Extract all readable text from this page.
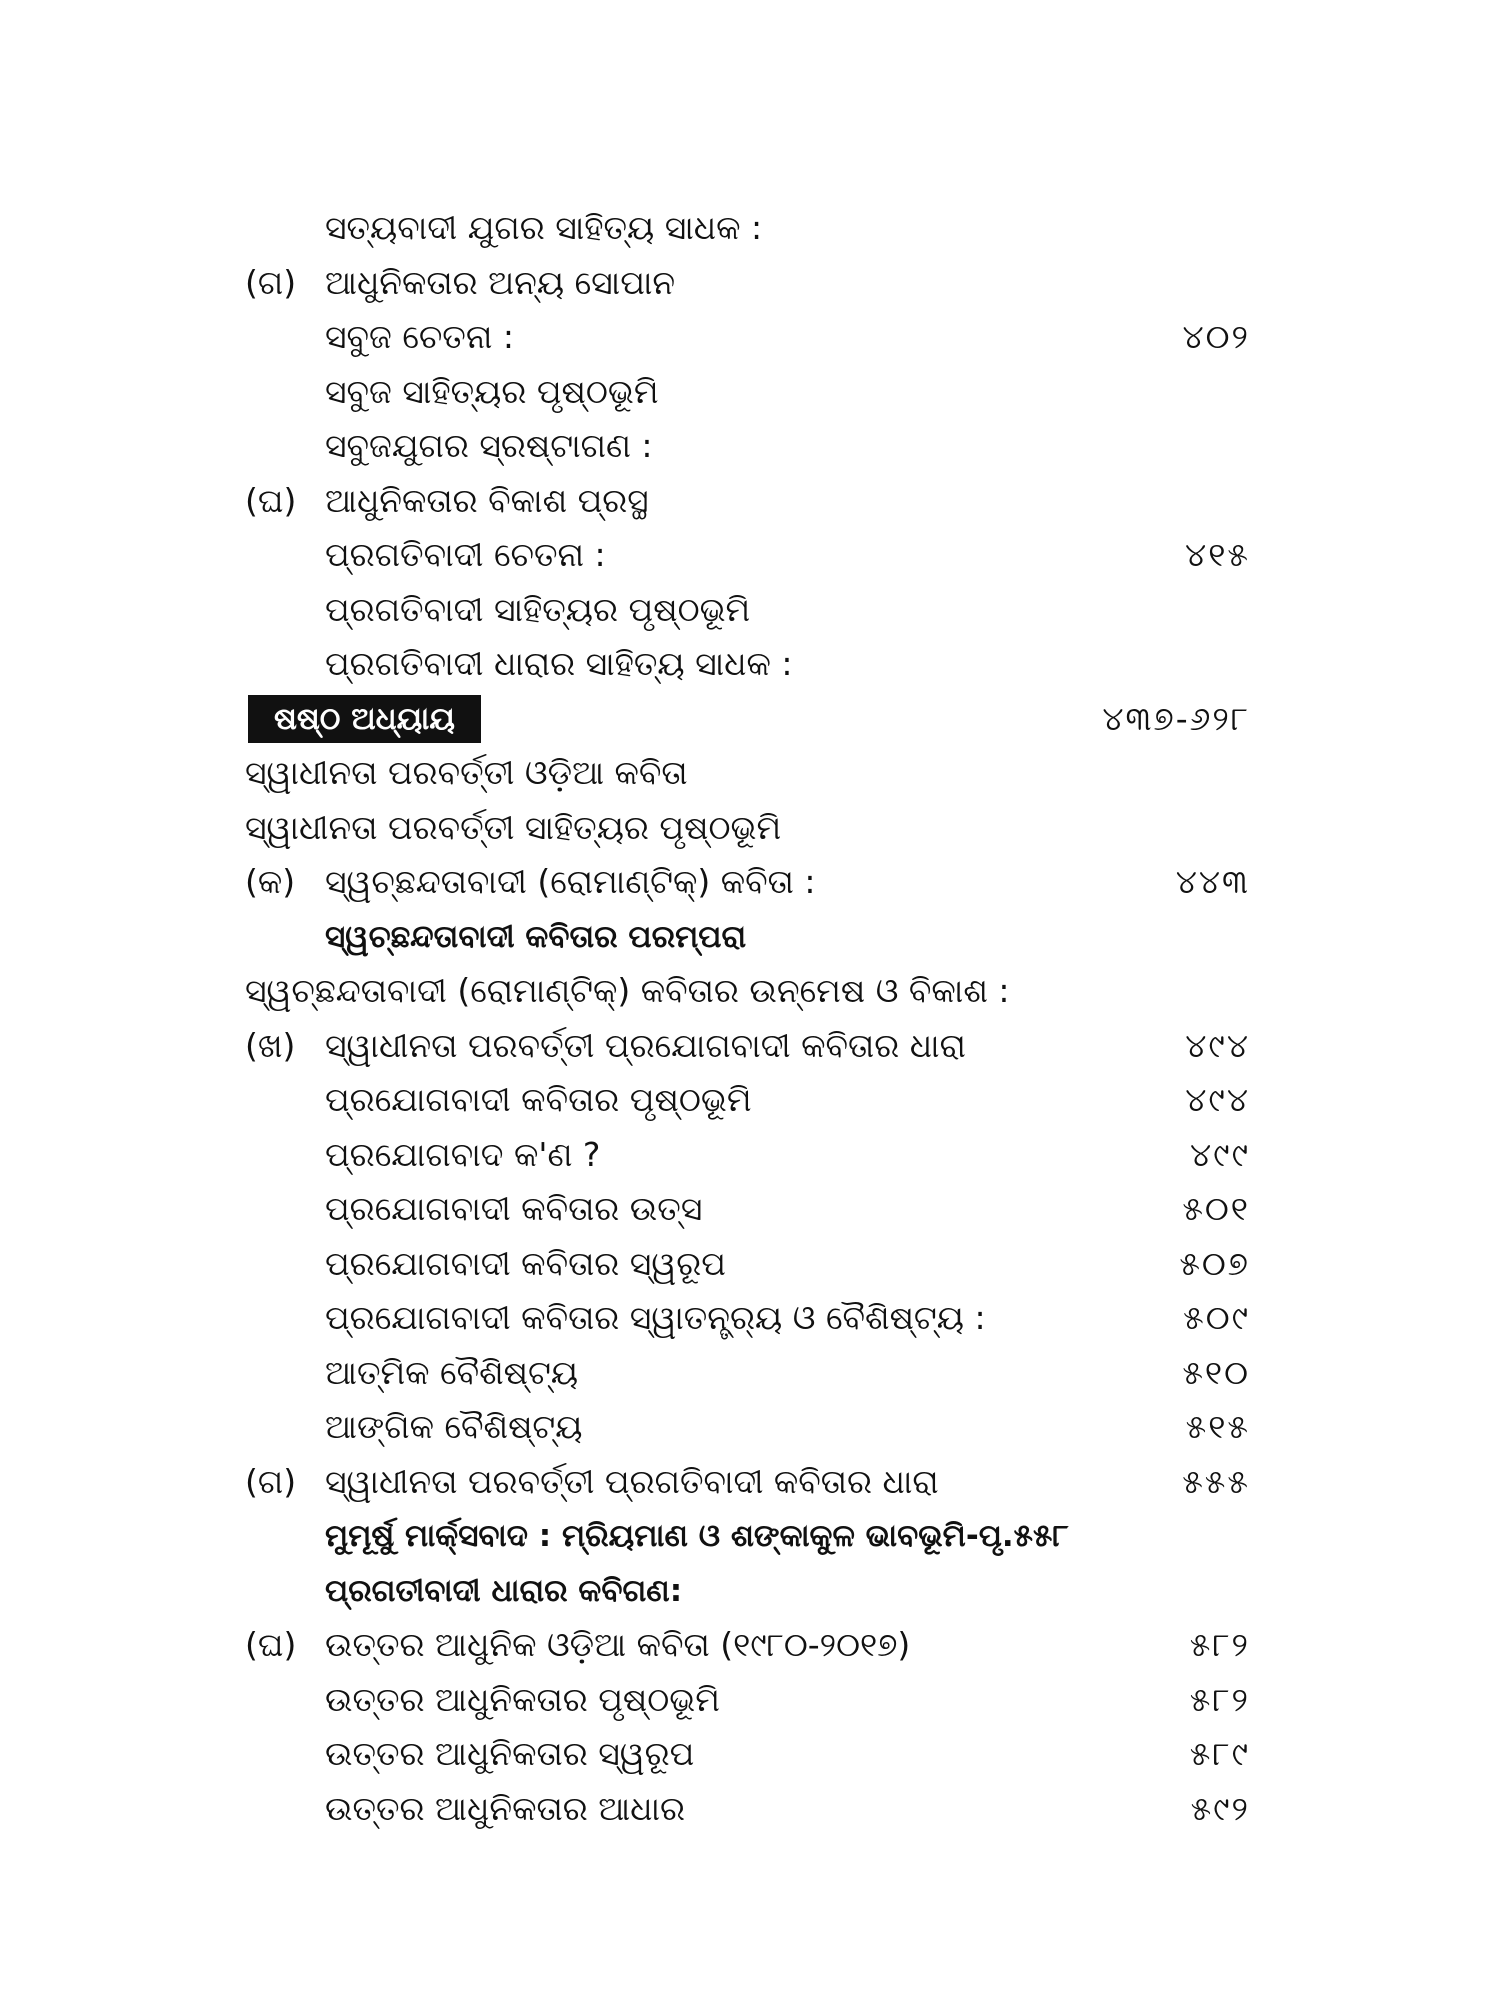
ସତ୍ୟବାଦୀ ଯୁଗର ସାହିତ୍ୟ ସାଧକ :
(ଗ) ଆଧୁନିକତାର ଅନ୍ୟ ସୋପାନ
ସବୁଜ ଚେତନା :	୪୦୨
ସବୁଜ ସାହିତ୍ୟର ପୃଷ୍ଠଭୂମି
ସବୁଜଯୁଗର ସ୍ରଷ୍ଟାଗଣ :
(ଘ) ଆଧୁନିକତାର ବିକାଶ ପ୍ରସ୍ଥ
ପ୍ରଗତିବାଦୀ ଚେତନା :	୪୧୫
ପ୍ରଗତିବାଦୀ ସାହିତ୍ୟର ପୃଷ୍ଠଭୂମି
ପ୍ରଗତିବାଦୀ ଧାରାର ସାହିତ୍ୟ ସାଧକ :
ଷଷ୍ଠ ଅଧ୍ୟାୟ	୪୩୭-୬୨୮
ସ୍ୱାଧୀନତା ପରବର୍ତ୍ତୀ ଓଡ଼ିଆ କବିତା
ସ୍ୱାଧୀନତା ପରବର୍ତ୍ତୀ ସାହିତ୍ୟର ପୃଷ୍ଠଭୂମି
(କ) ସ୍ୱଚ୍ଛନ୍ଦତାବାଦୀ (ରୋମାଣ୍ଟିକ୍) କବିତା :	୪୪୩
ସ୍ୱଚ୍ଛନ୍ଦତାବାଦୀ କବିତାର ପରମ୍ପରା
ସ୍ୱଚ୍ଛନ୍ଦତାବାଦୀ (ରୋମାଣ୍ଟିକ୍) କବିତାର ଉନ୍ମେଷ ଓ ବିକାଶ :
(ଖ) ସ୍ୱାଧୀନତା ପରବର୍ତ୍ତୀ ପ୍ରଯୋଗବାଦୀ କବିତାର ଧାରା	୪୯୪
ପ୍ରଯୋଗବାଦୀ କବିତାର ପୃଷ୍ଠଭୂମି	୪୯୪
ପ୍ରଯୋଗବାଦ କ'ଣ ?	୪୯୯
ପ୍ରଯୋଗବାଦୀ କବିତାର ଉତ୍ସ	୫୦୧
ପ୍ରଯୋଗବାଦୀ କବିତାର ସ୍ୱରୂପ	୫୦୭
ପ୍ରଯୋଗବାଦୀ କବିତାର ସ୍ୱାତନ୍ତ୍ର୍ୟ ଓ ବୈଶିଷ୍ଟ୍ୟ :	୫୦୯
ଆତ୍ମିକ ବୈଶିଷ୍ଟ୍ୟ	୫୧୦
ଆଙ୍ଗିକ ବୈଶିଷ୍ଟ୍ୟ	୫୧୫
(ଗ) ସ୍ୱାଧୀନତା ପରବର୍ତ୍ତୀ ପ୍ରଗତିବାଦୀ କବିତାର ଧାରା	୫୫୫
ମୁମୂର୍ଷୁ ମାର୍କ୍ସବାଦ : ମ୍ରିୟମାଣ ଓ ଶଙ୍କାକୁଳ ଭାବଭୂମି-ପୃ.୫୫୮
ପ୍ରଗତୀବାଦୀ ଧାରାର କବିଗଣ:
(ଘ) ଉତ୍ତର ଆଧୁନିକ ଓଡ଼ିଆ କବିତା (୧୯୮୦-୨୦୧୭)	୫୮୨
ଉତ୍ତର ଆଧୁନିକତାର ପୃଷ୍ଠଭୂମି	୫୮୨
ଉତ୍ତର ଆଧୁନିକତାର ସ୍ୱରୂପ	୫୮୯
ଉତ୍ତର ଆଧୁନିକତାର ଆଧାର	୫୯୨
